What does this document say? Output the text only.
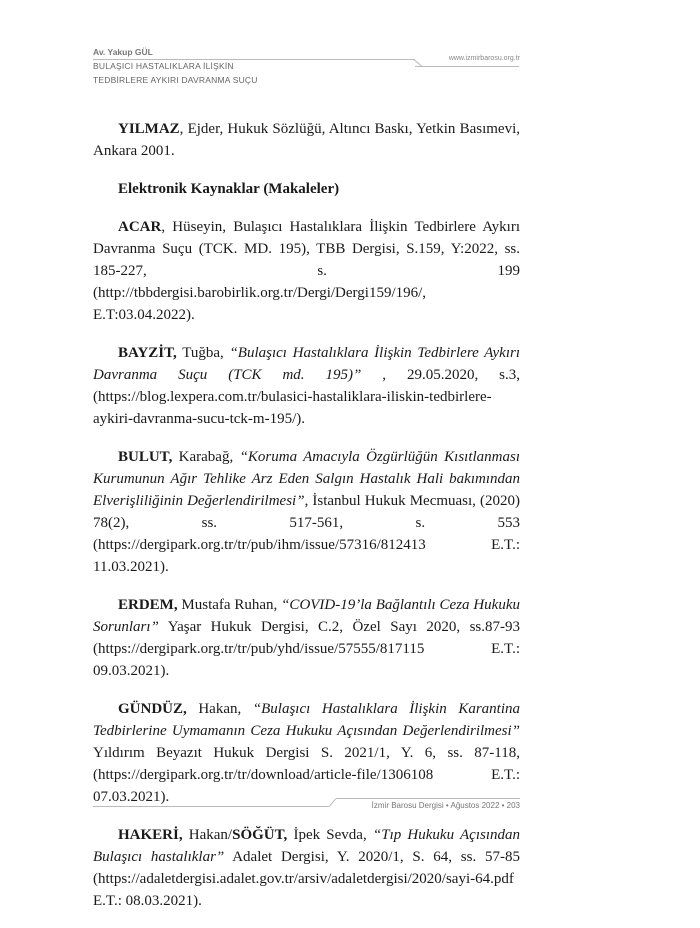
Av. Yakup GÜL
www.izmirbarosu.org.tr
BULAŞICI HASTALIKLARA İLİŞKİN
TEDBİRLERE AYKIRI DAVRANMA SUÇU

YILMAZ, Ejder, Hukuk Sözlüğü, Altıncı Baskı, Yetkin Basımevi, Ankara 2001.

Elektronik Kaynaklar (Makaleler)

ACAR, Hüseyin, Bulaşıcı Hastalıklara İlişkin Tedbirlere Aykırı Davranma Suçu (TCK. MD. 195), TBB Dergisi, S.159, Y:2022, ss. 185-227, s. 199 (http://tbbdergisi.barobirlik.org.tr/Dergi/Dergi159/196/, E.T:03.04.2022).

BAYZİT, Tuğba, “Bulaşıcı Hastalıklara İlişkin Tedbirlere Aykırı Davranma Suçu (TCK md. 195)” , 29.05.2020, s.3, (https://blog.lexpera.com.tr/bulasici-hastaliklara-iliskin-tedbirlere-aykiri-davranma-sucu-tck-m-195/).

BULUT, Karabağ, “Koruma Amacıyla Özgürlüğün Kısıtlanması Kurumunun Ağır Tehlike Arz Eden Salgın Hastalık Hali bakımından Elverişliliğinin Değerlendirilmesi”, İstanbul Hukuk Mecmuası, (2020) 78(2), ss. 517-561, s. 553 (https://dergipark.org.tr/tr/pub/ihm/issue/57316/812413 E.T.: 11.03.2021).

ERDEM, Mustafa Ruhan, “COVID-19’la Bağlantılı Ceza Hukuku Sorunları” Yaşar Hukuk Dergisi, C.2, Özel Sayı 2020, ss.87-93 (https://dergipark.org.tr/tr/pub/yhd/issue/57555/817115 E.T.: 09.03.2021).

GÜNDÜZ, Hakan, “Bulaşıcı Hastalıklara İlişkin Karantina Tedbirlerine Uymamanın Ceza Hukuku Açısından Değerlendirilmesi” Yıldırım Beyazıt Hukuk Dergisi S. 2021/1, Y. 6, ss. 87-118, (https://dergipark.org.tr/tr/download/article-file/1306108 E.T.: 07.03.2021).

HAKERİ, Hakan/SÖĞÜT, İpek Sevda, “Tıp Hukuku Açısından Bulaşıcı hastalıklar” Adalet Dergisi, Y. 2020/1, S. 64, ss. 57-85 (https://adaletdergisi.adalet.gov.tr/arsiv/adaletdergisi/2020/sayi-64.pdf E.T.: 08.03.2021).

İzmir Barosu Dergisi • Ağustos 2022 • 203
